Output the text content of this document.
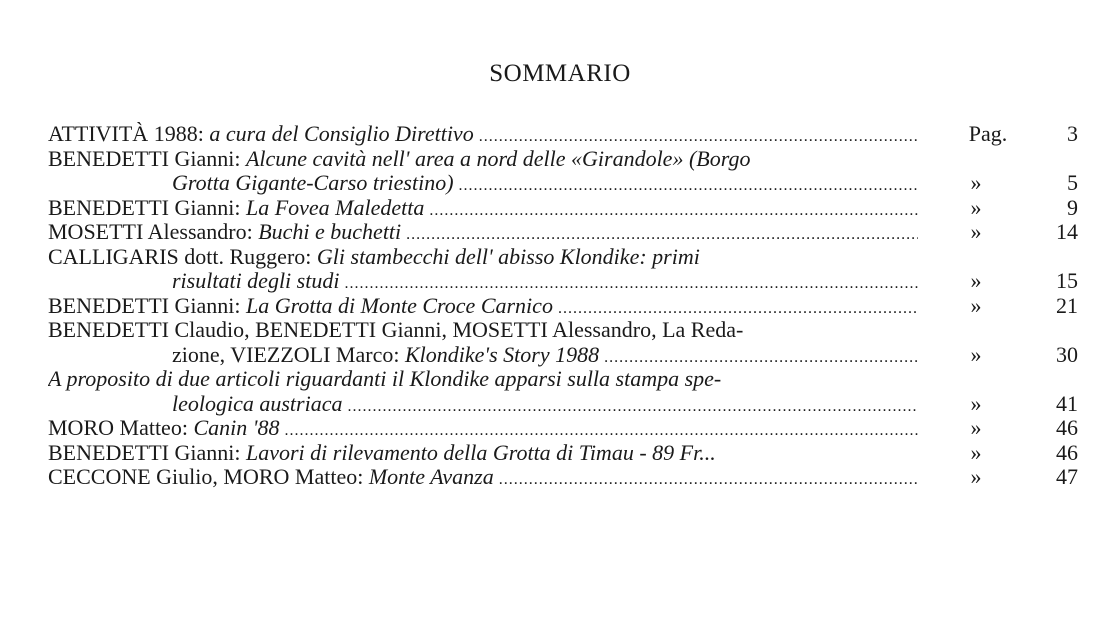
SOMMARIO
ATTIVITÀ 1988: a cura del Consiglio Direttivo .....	Pag.	3
BENEDETTI Gianni: Alcune cavità nell' area a nord delle «Girandole» (Borgo
Grotta Gigante-Carso triestino) .....	»	5
BENEDETTI Gianni: La Fovea Maledetta .....	»	9
MOSETTI Alessandro: Buchi e buchetti .....	»	14
CALLIGARIS dott. Ruggero: Gli stambecchi dell' abisso Klondike: primi
risultati degli studi .....	»	15
BENEDETTI Gianni: La Grotta di Monte Croce Carnico .....	»	21
BENEDETTI Claudio, BENEDETTI Gianni, MOSETTI Alessandro, La Reda-
zione, VIEZZOLI Marco: Klondike's Story 1988 .....	»	30
A proposito di due articoli riguardanti il Klondike apparsi sulla stampa spe-
leologica austriaca .....	»	41
MORO Matteo: Canin '88 .....	»	46
BENEDETTI Gianni: Lavori di rilevamento della Grotta di Timau - 89 Fr...	»	46
CECCONE Giulio, MORO Matteo: Monte Avanza .....	»	47
